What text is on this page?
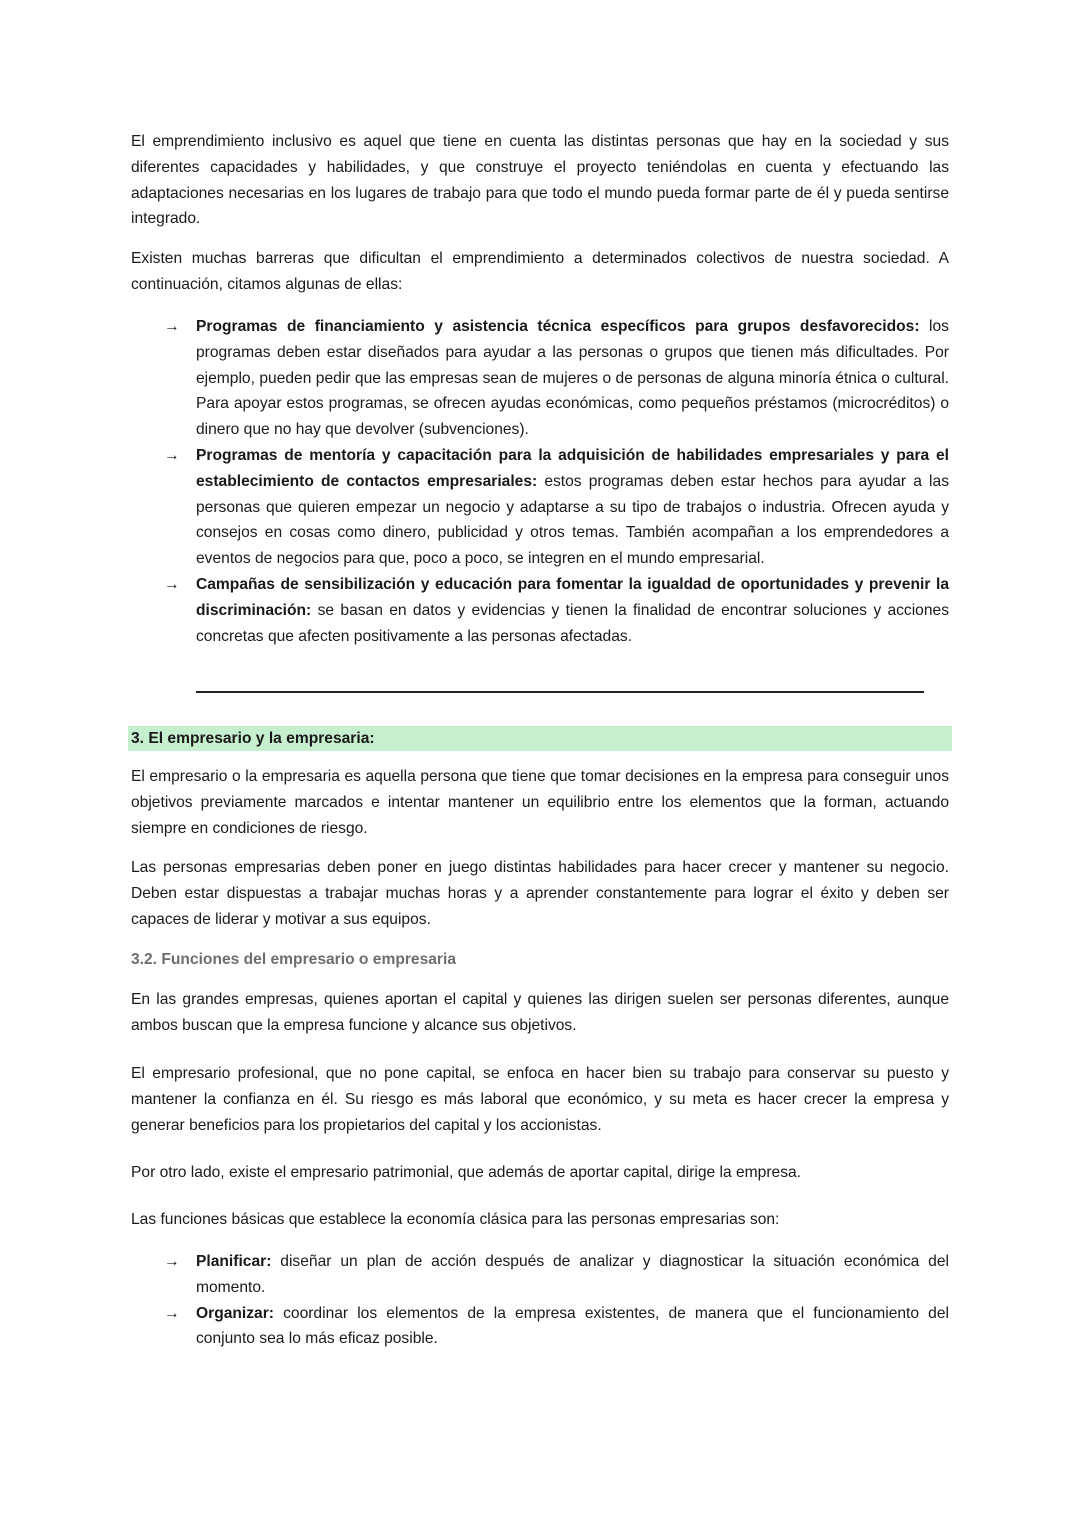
El emprendimiento inclusivo es aquel que tiene en cuenta las distintas personas que hay en la sociedad y sus diferentes capacidades y habilidades, y que construye el proyecto teniéndolas en cuenta y efectuando las adaptaciones necesarias en los lugares de trabajo para que todo el mundo pueda formar parte de él y pueda sentirse integrado.
Existen muchas barreras que dificultan el emprendimiento a determinados colectivos de nuestra sociedad. A continuación, citamos algunas de ellas:
→ Programas de financiamiento y asistencia técnica específicos para grupos desfavorecidos: los programas deben estar diseñados para ayudar a las personas o grupos que tienen más dificultades. Por ejemplo, pueden pedir que las empresas sean de mujeres o de personas de alguna minoría étnica o cultural. Para apoyar estos programas, se ofrecen ayudas económicas, como pequeños préstamos (microcréditos) o dinero que no hay que devolver (subvenciones).
→ Programas de mentoría y capacitación para la adquisición de habilidades empresariales y para el establecimiento de contactos empresariales: estos programas deben estar hechos para ayudar a las personas que quieren empezar un negocio y adaptarse a su tipo de trabajos o industria. Ofrecen ayuda y consejos en cosas como dinero, publicidad y otros temas. También acompañan a los emprendedores a eventos de negocios para que, poco a poco, se integren en el mundo empresarial.
→ Campañas de sensibilización y educación para fomentar la igualdad de oportunidades y prevenir la discriminación: se basan en datos y evidencias y tienen la finalidad de encontrar soluciones y acciones concretas que afecten positivamente a las personas afectadas.
3. El empresario y la empresaria:
El empresario o la empresaria es aquella persona que tiene que tomar decisiones en la empresa para conseguir unos objetivos previamente marcados e intentar mantener un equilibrio entre los elementos que la forman, actuando siempre en condiciones de riesgo.
Las personas empresarias deben poner en juego distintas habilidades para hacer crecer y mantener su negocio. Deben estar dispuestas a trabajar muchas horas y a aprender constantemente para lograr el éxito y deben ser capaces de liderar y motivar a sus equipos.
3.2. Funciones del empresario o empresaria
En las grandes empresas, quienes aportan el capital y quienes las dirigen suelen ser personas diferentes, aunque ambos buscan que la empresa funcione y alcance sus objetivos.
El empresario profesional, que no pone capital, se enfoca en hacer bien su trabajo para conservar su puesto y mantener la confianza en él. Su riesgo es más laboral que económico, y su meta es hacer crecer la empresa y generar beneficios para los propietarios del capital y los accionistas.
Por otro lado, existe el empresario patrimonial, que además de aportar capital, dirige la empresa.
Las funciones básicas que establece la economía clásica para las personas empresarias son:
→ Planificar: diseñar un plan de acción después de analizar y diagnosticar la situación económica del momento.
→ Organizar: coordinar los elementos de la empresa existentes, de manera que el funcionamiento del conjunto sea lo más eficaz posible.
